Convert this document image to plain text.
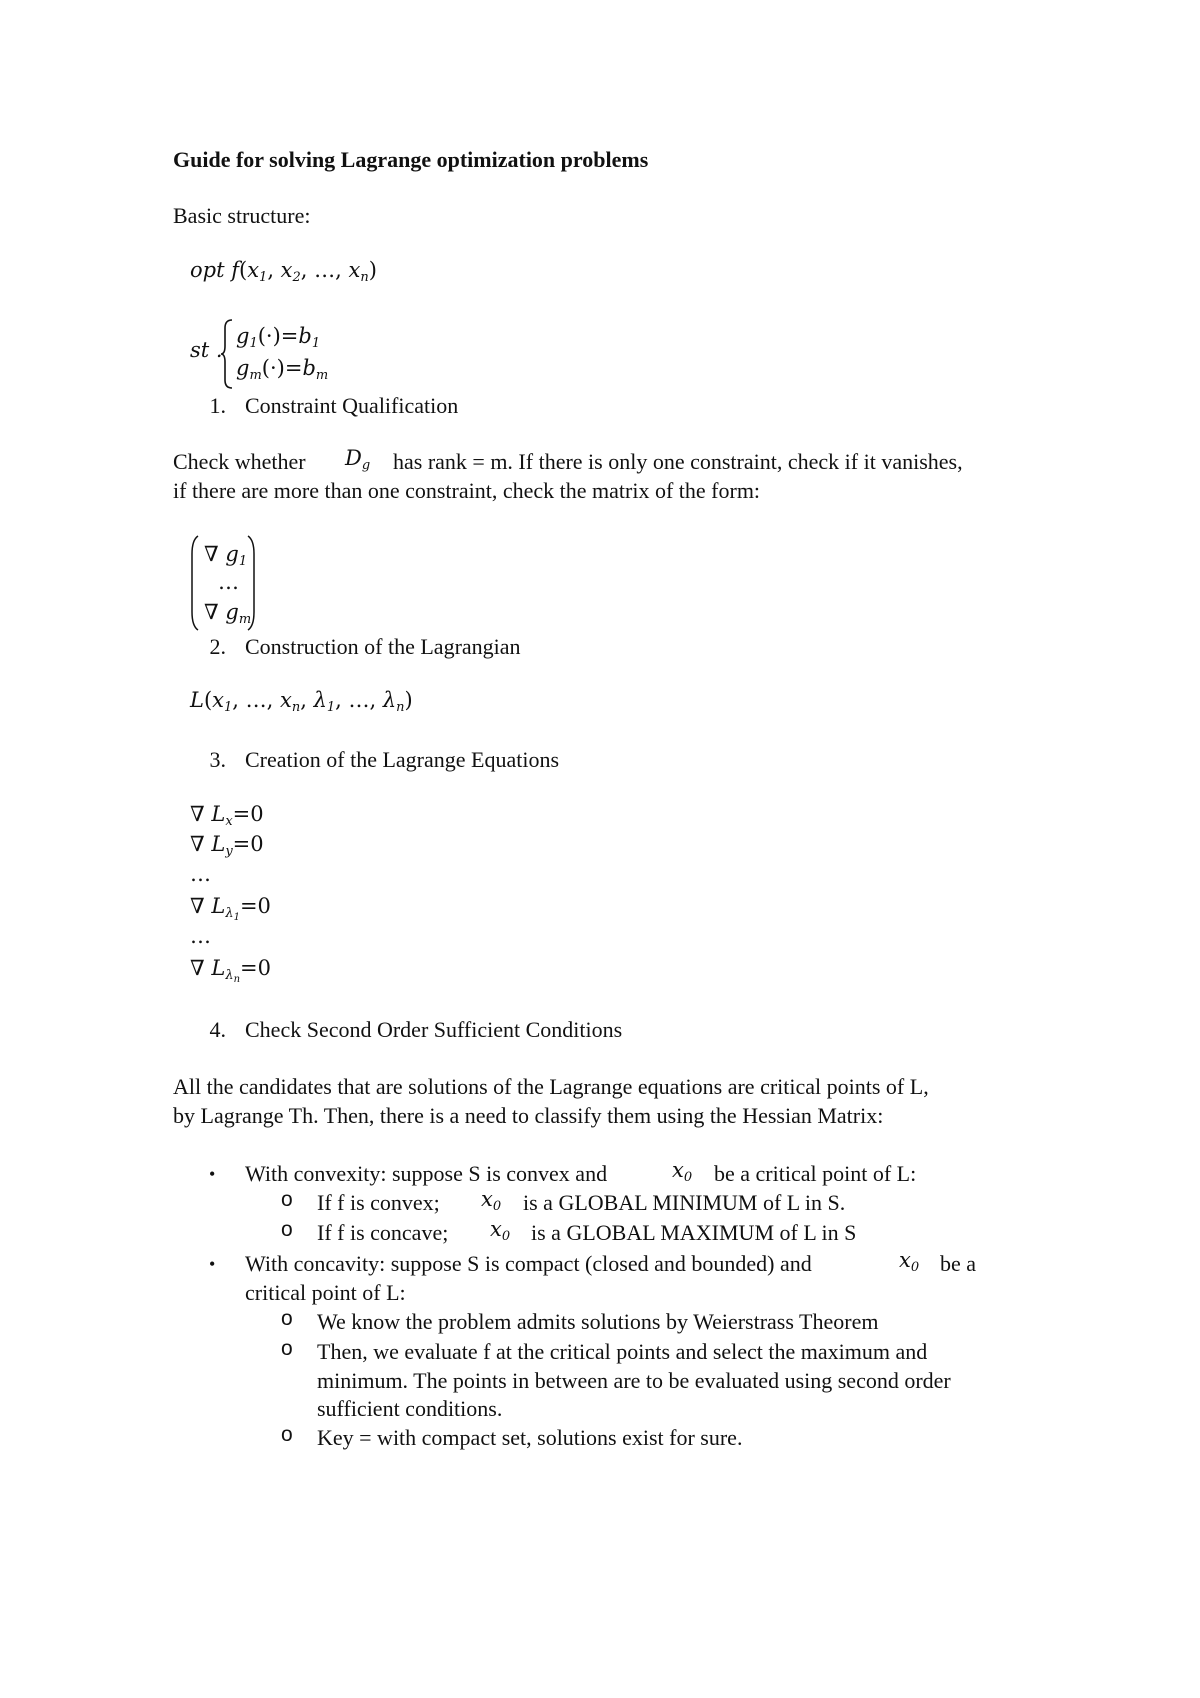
Guide for solving Lagrange optimization problems
Basic structure:
opt $f(x_1$, $x_2$, …, $x_n$)
st .
$g_1(\cdot)=b_1$
$g_m(\cdot)=b_m$
1. Constraint Qualification
Check whether $D_g$ has rank = m. If there is only one constraint, check if it vanishes,
if there are more than one constraint, check the matrix of the form:
∇ $g_1$
…
∇ $g_m$
2. Construction of the Lagrangian
$L(x_1$, …, $x_n$, $\lambda_1$, …, $\lambda_n$)
3. Creation of the Lagrange Equations
∇ $L_x=0$
∇ $L_y=0$
…
∇ $L_{\lambda_1}=0$
…
∇ $L_{\lambda_n}=0$
4. Check Second Order Sufficient Conditions
All the candidates that are solutions of the Lagrange equations are critical points of L,
by Lagrange Th. Then, there is a need to classify them using the Hessian Matrix:
• With convexity: suppose S is convex and	$x_0$ be a critical point of L:
o If f is convex; $x_0$ is a GLOBAL MINIMUM of L in S.
o If f is concave; $x_0$ is a GLOBAL MAXIMUM of L in S
• With concavity: suppose S is compact (closed and bounded) and	$x_0$ be a
critical point of L:
o We know the problem admits solutions by Weierstrass Theorem
o Then, we evaluate f at the critical points and select the maximum and
minimum. The points in between are to be evaluated using second order
sufficient conditions.
o Key = with compact set, solutions exist for sure.
